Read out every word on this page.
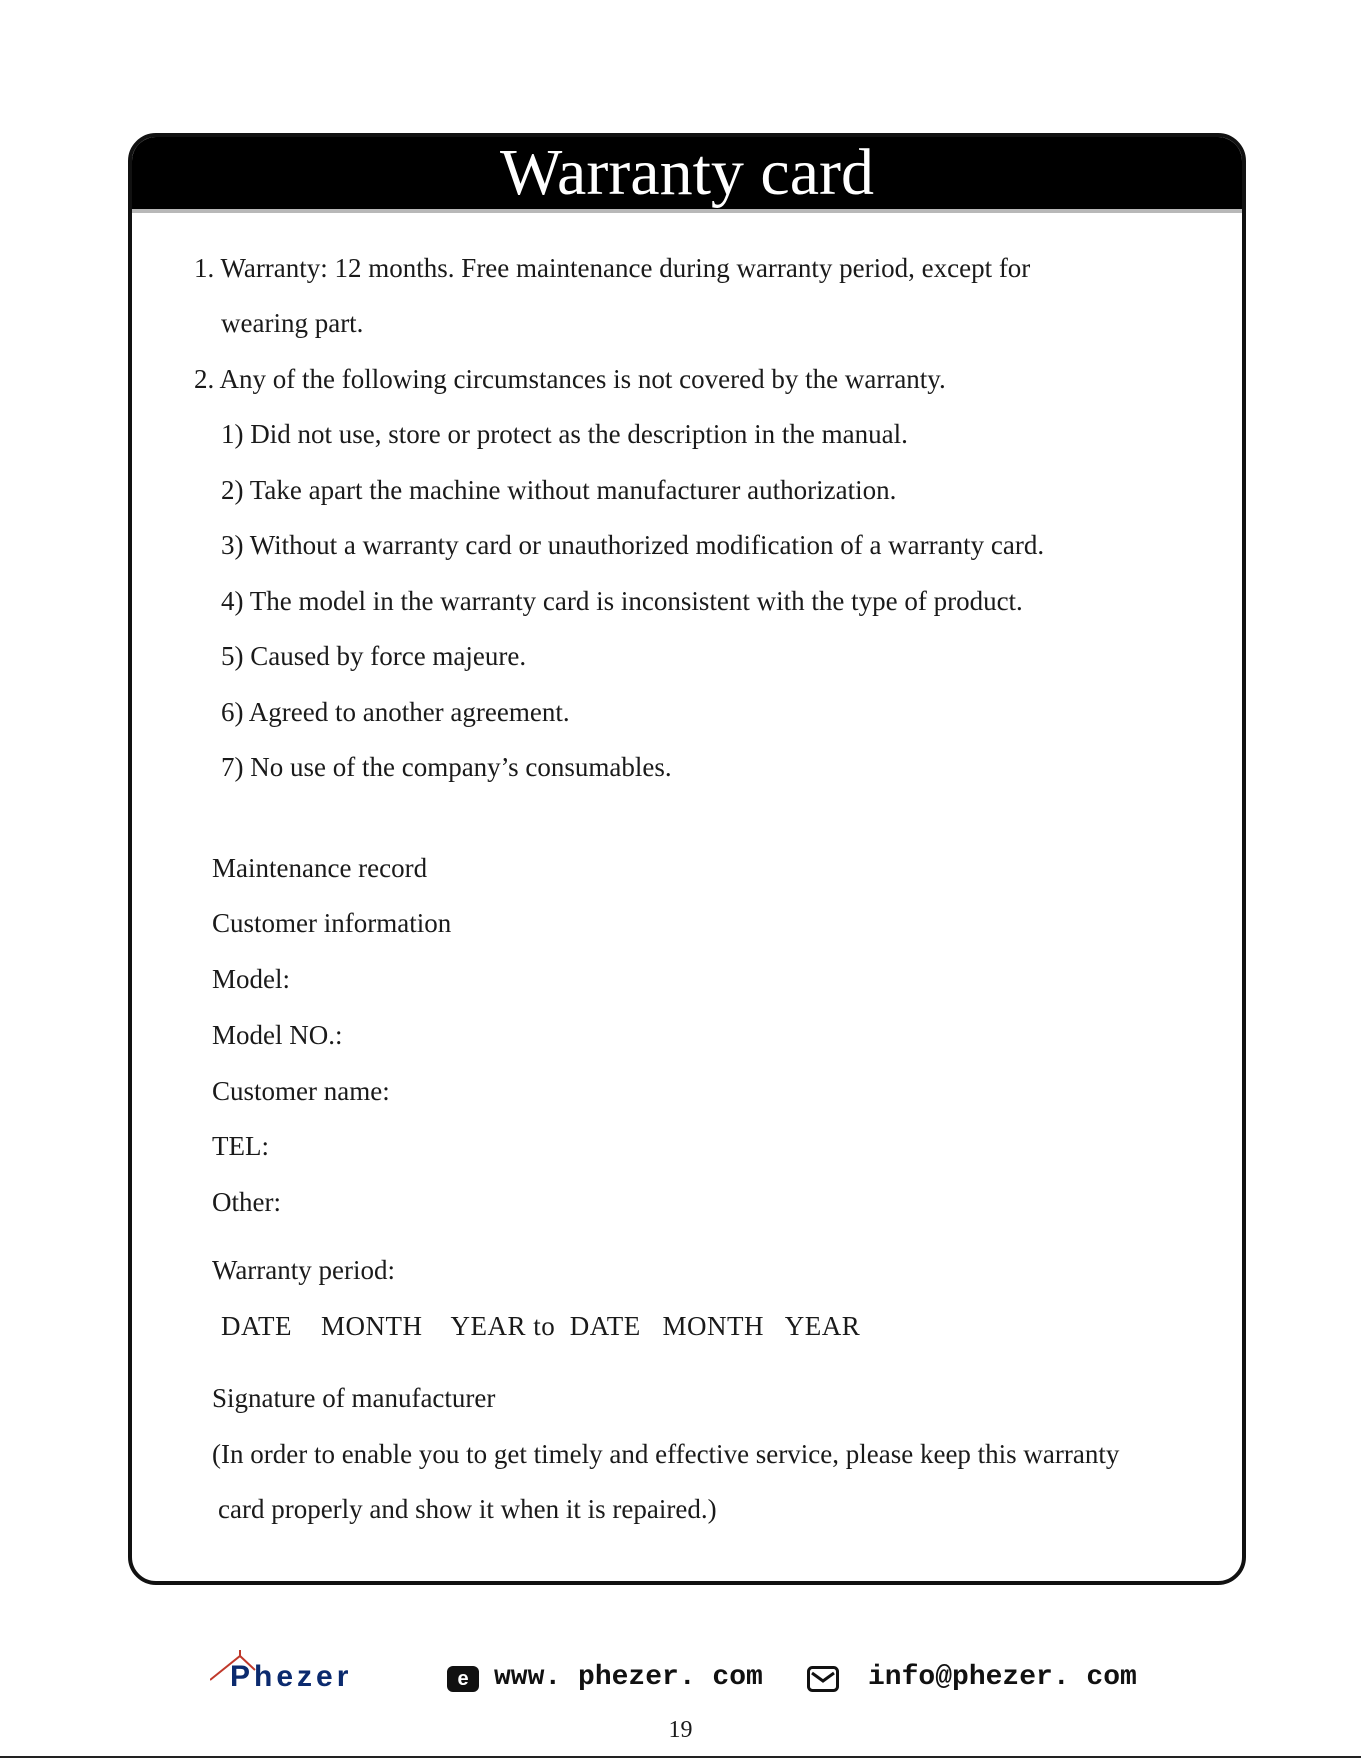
Warranty card
1. Warranty: 12 months. Free maintenance during warranty period, except for
wearing part.
2. Any of the following circumstances is not covered by the warranty.
1) Did not use, store or protect as the description in the manual.
2) Take apart the machine without manufacturer authorization.
3) Without a warranty card or unauthorized modification of a warranty card.
4) The model in the warranty card is inconsistent with the type of product.
5) Caused by force majeure.
6) Agreed to another agreement.
7) No use of the company’s consumables.
Maintenance record
Customer information
Model:
Model NO.:
Customer name:
TEL:
Other:
Warranty period:
DATE    MONTH    YEAR to  DATE   MONTH   YEAR
Signature of manufacturer
(In order to enable you to get timely and effective service, please keep this warranty
card properly and show it when it is repaired.)
Phezer	e www. phezer. com	info@phezer. com
19
